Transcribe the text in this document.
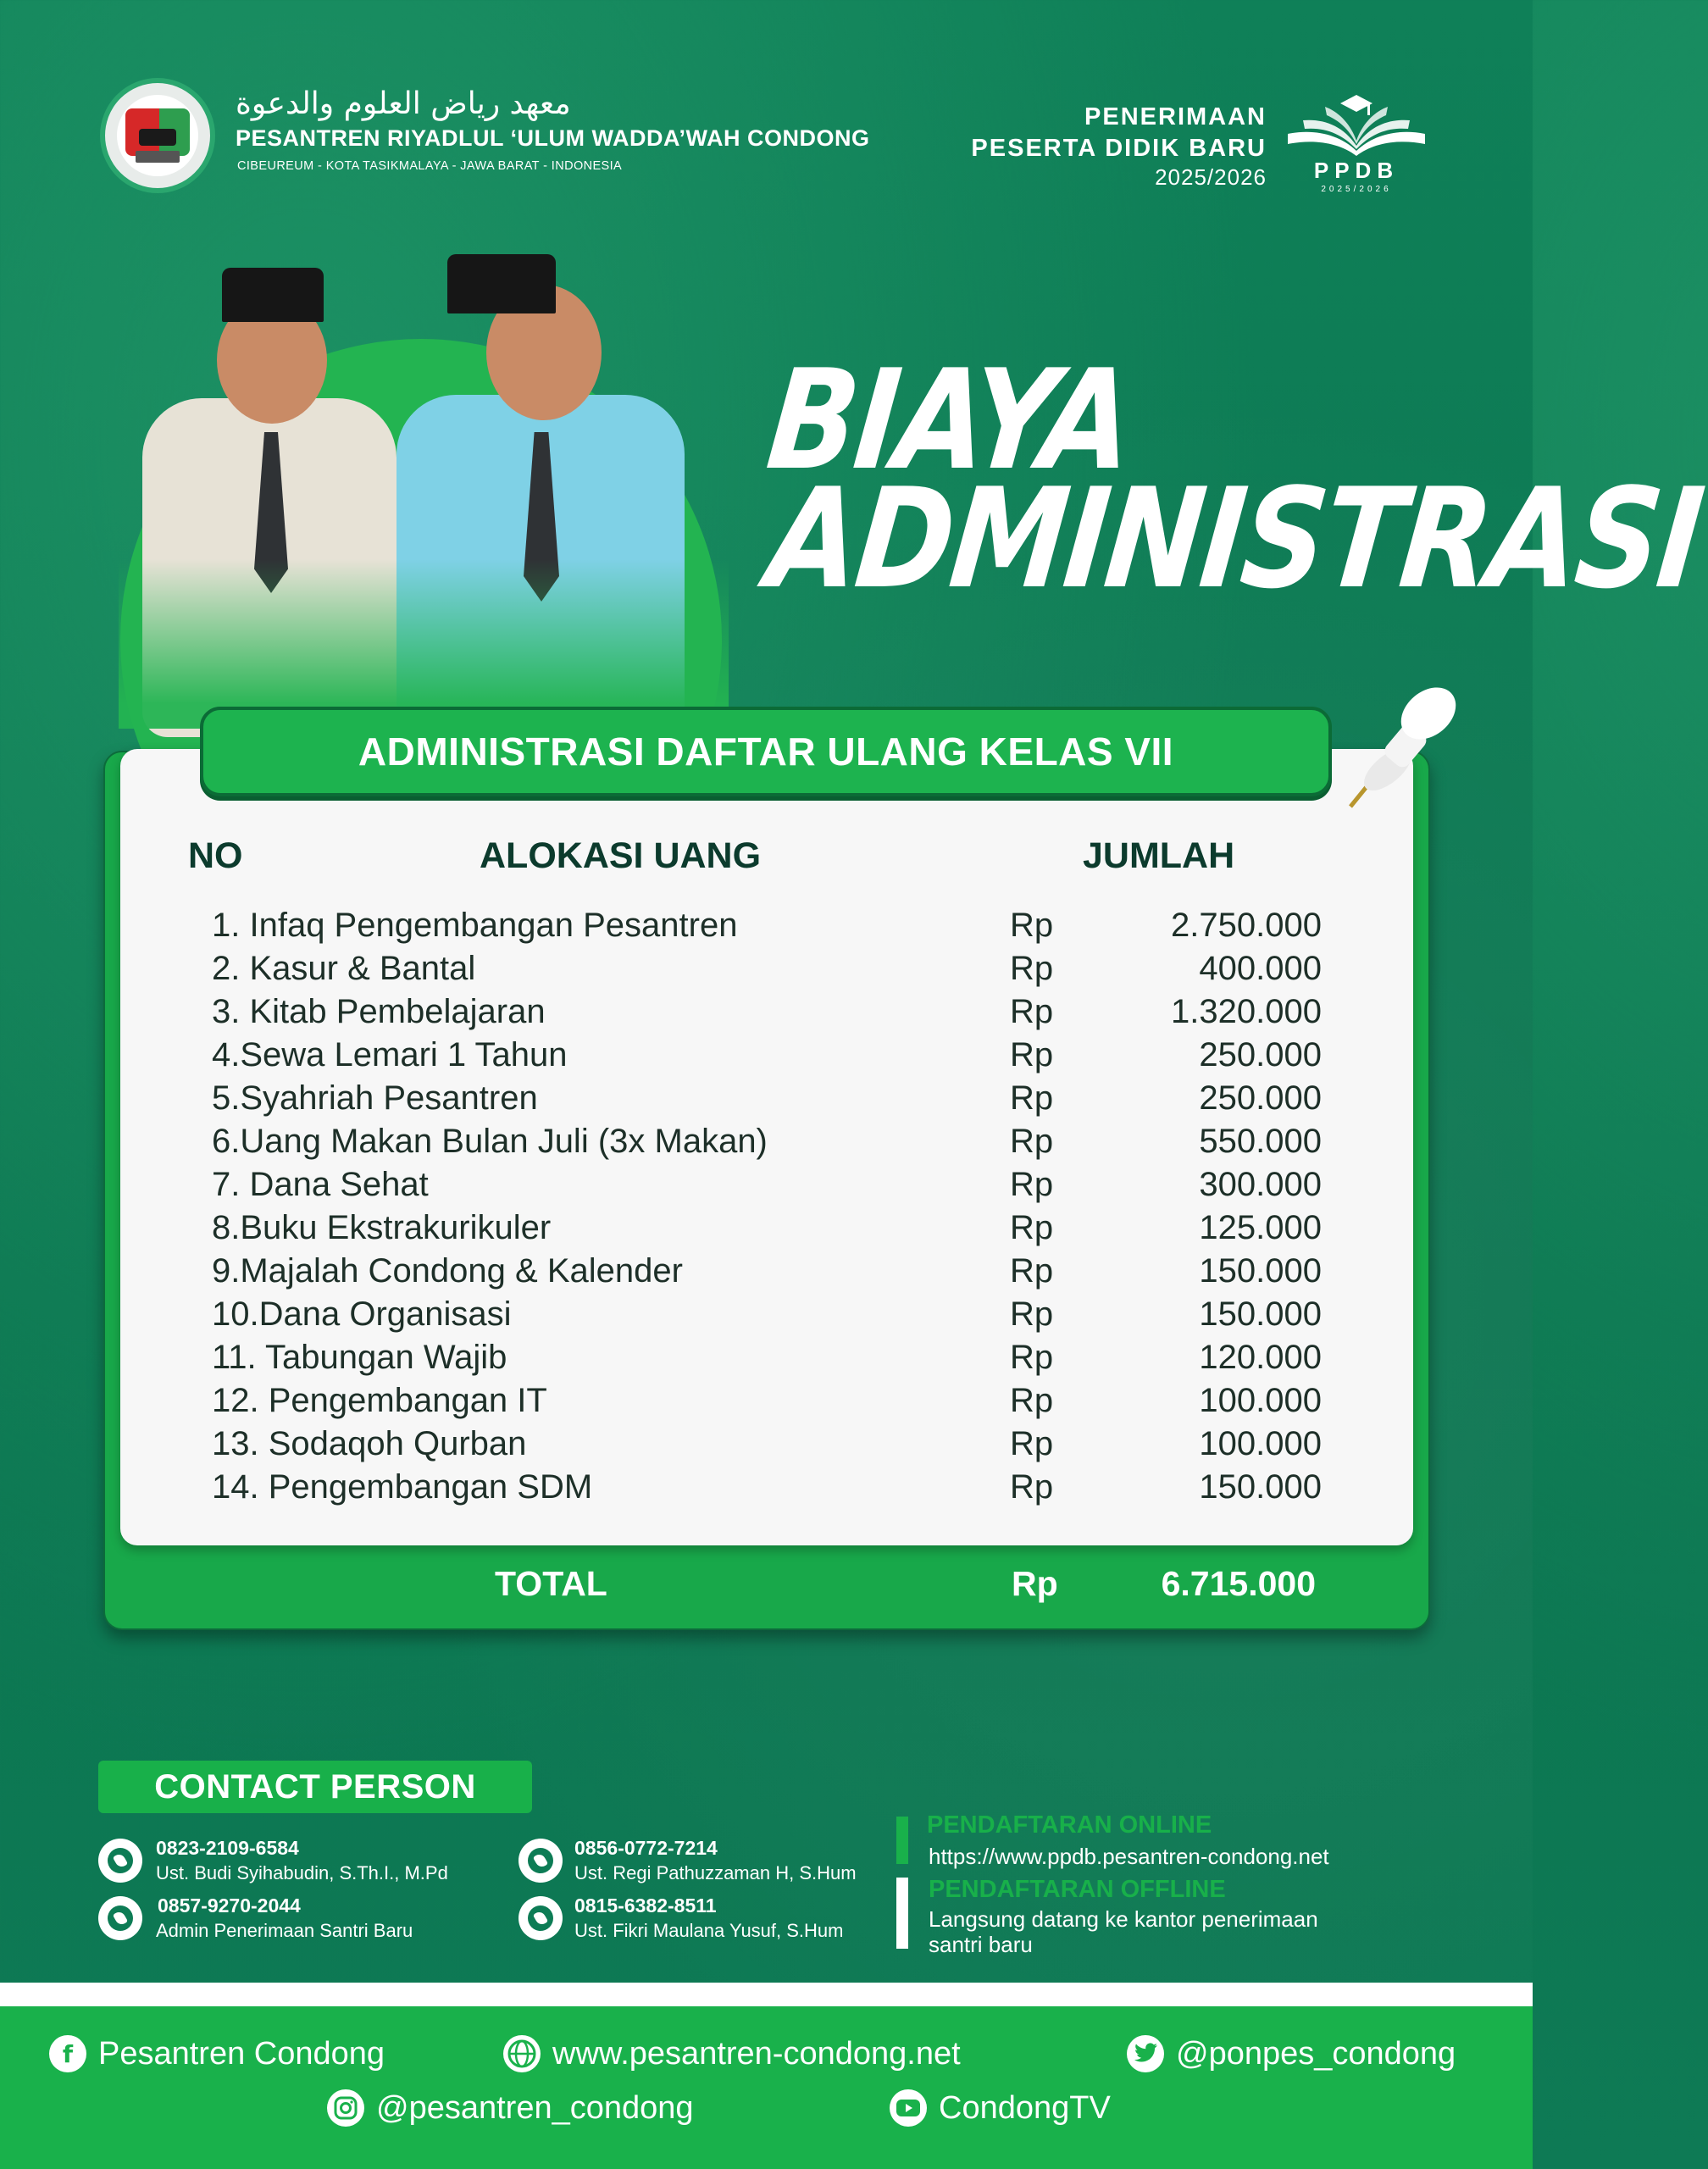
معهد رياض العلوم والدعوة
PESANTREN RIYADLUL ‘ULUM WADDA’WAH CONDONG
CIBEUREUM - KOTA TASIKMALAYA - JAWA BARAT - INDONESIA
PENERIMAAN
PESERTA DIDIK BARU
2025/2026	PPDB
2025/2026
BIAYA
ADMINISTRASI
ADMINISTRASI DAFTAR ULANG KELAS VII
NO	ALOKASI UANG	JUMLAH
1. Infaq Pengembangan Pesantren	Rp	2.750.000
2. Kasur & Bantal	Rp	400.000
3. Kitab Pembelajaran	Rp	1.320.000
4.Sewa Lemari 1 Tahun	Rp	250.000
5.Syahriah Pesantren	Rp	250.000
6.Uang Makan Bulan Juli (3x Makan)	Rp	550.000
7. Dana Sehat	Rp	300.000
8.Buku Ekstrakurikuler	Rp	125.000
9.Majalah Condong & Kalender	Rp	150.000
10.Dana Organisasi	Rp	150.000
11. Tabungan Wajib	Rp	120.000
12. Pengembangan IT	Rp	100.000
13. Sodaqoh Qurban	Rp	100.000
14. Pengembangan SDM	Rp	150.000
TOTAL	Rp	6.715.000
CONTACT PERSON
0823-2109-6584
Ust. Budi Syihabudin, S.Th.I., M.Pd
0857-9270-2044
Admin Penerimaan Santri Baru
0856-0772-7214
Ust. Regi Pathuzzaman H, S.Hum
0815-6382-8511
Ust. Fikri Maulana Yusuf, S.Hum
PENDAFTARAN ONLINE
https://www.ppdb.pesantren-condong.net
PENDAFTARAN OFFLINE
Langsung datang ke kantor penerimaan
santri baru
f Pesantren Condong	www.pesantren-condong.net	@ponpes_condong
@pesantren_condong	CondongTV
